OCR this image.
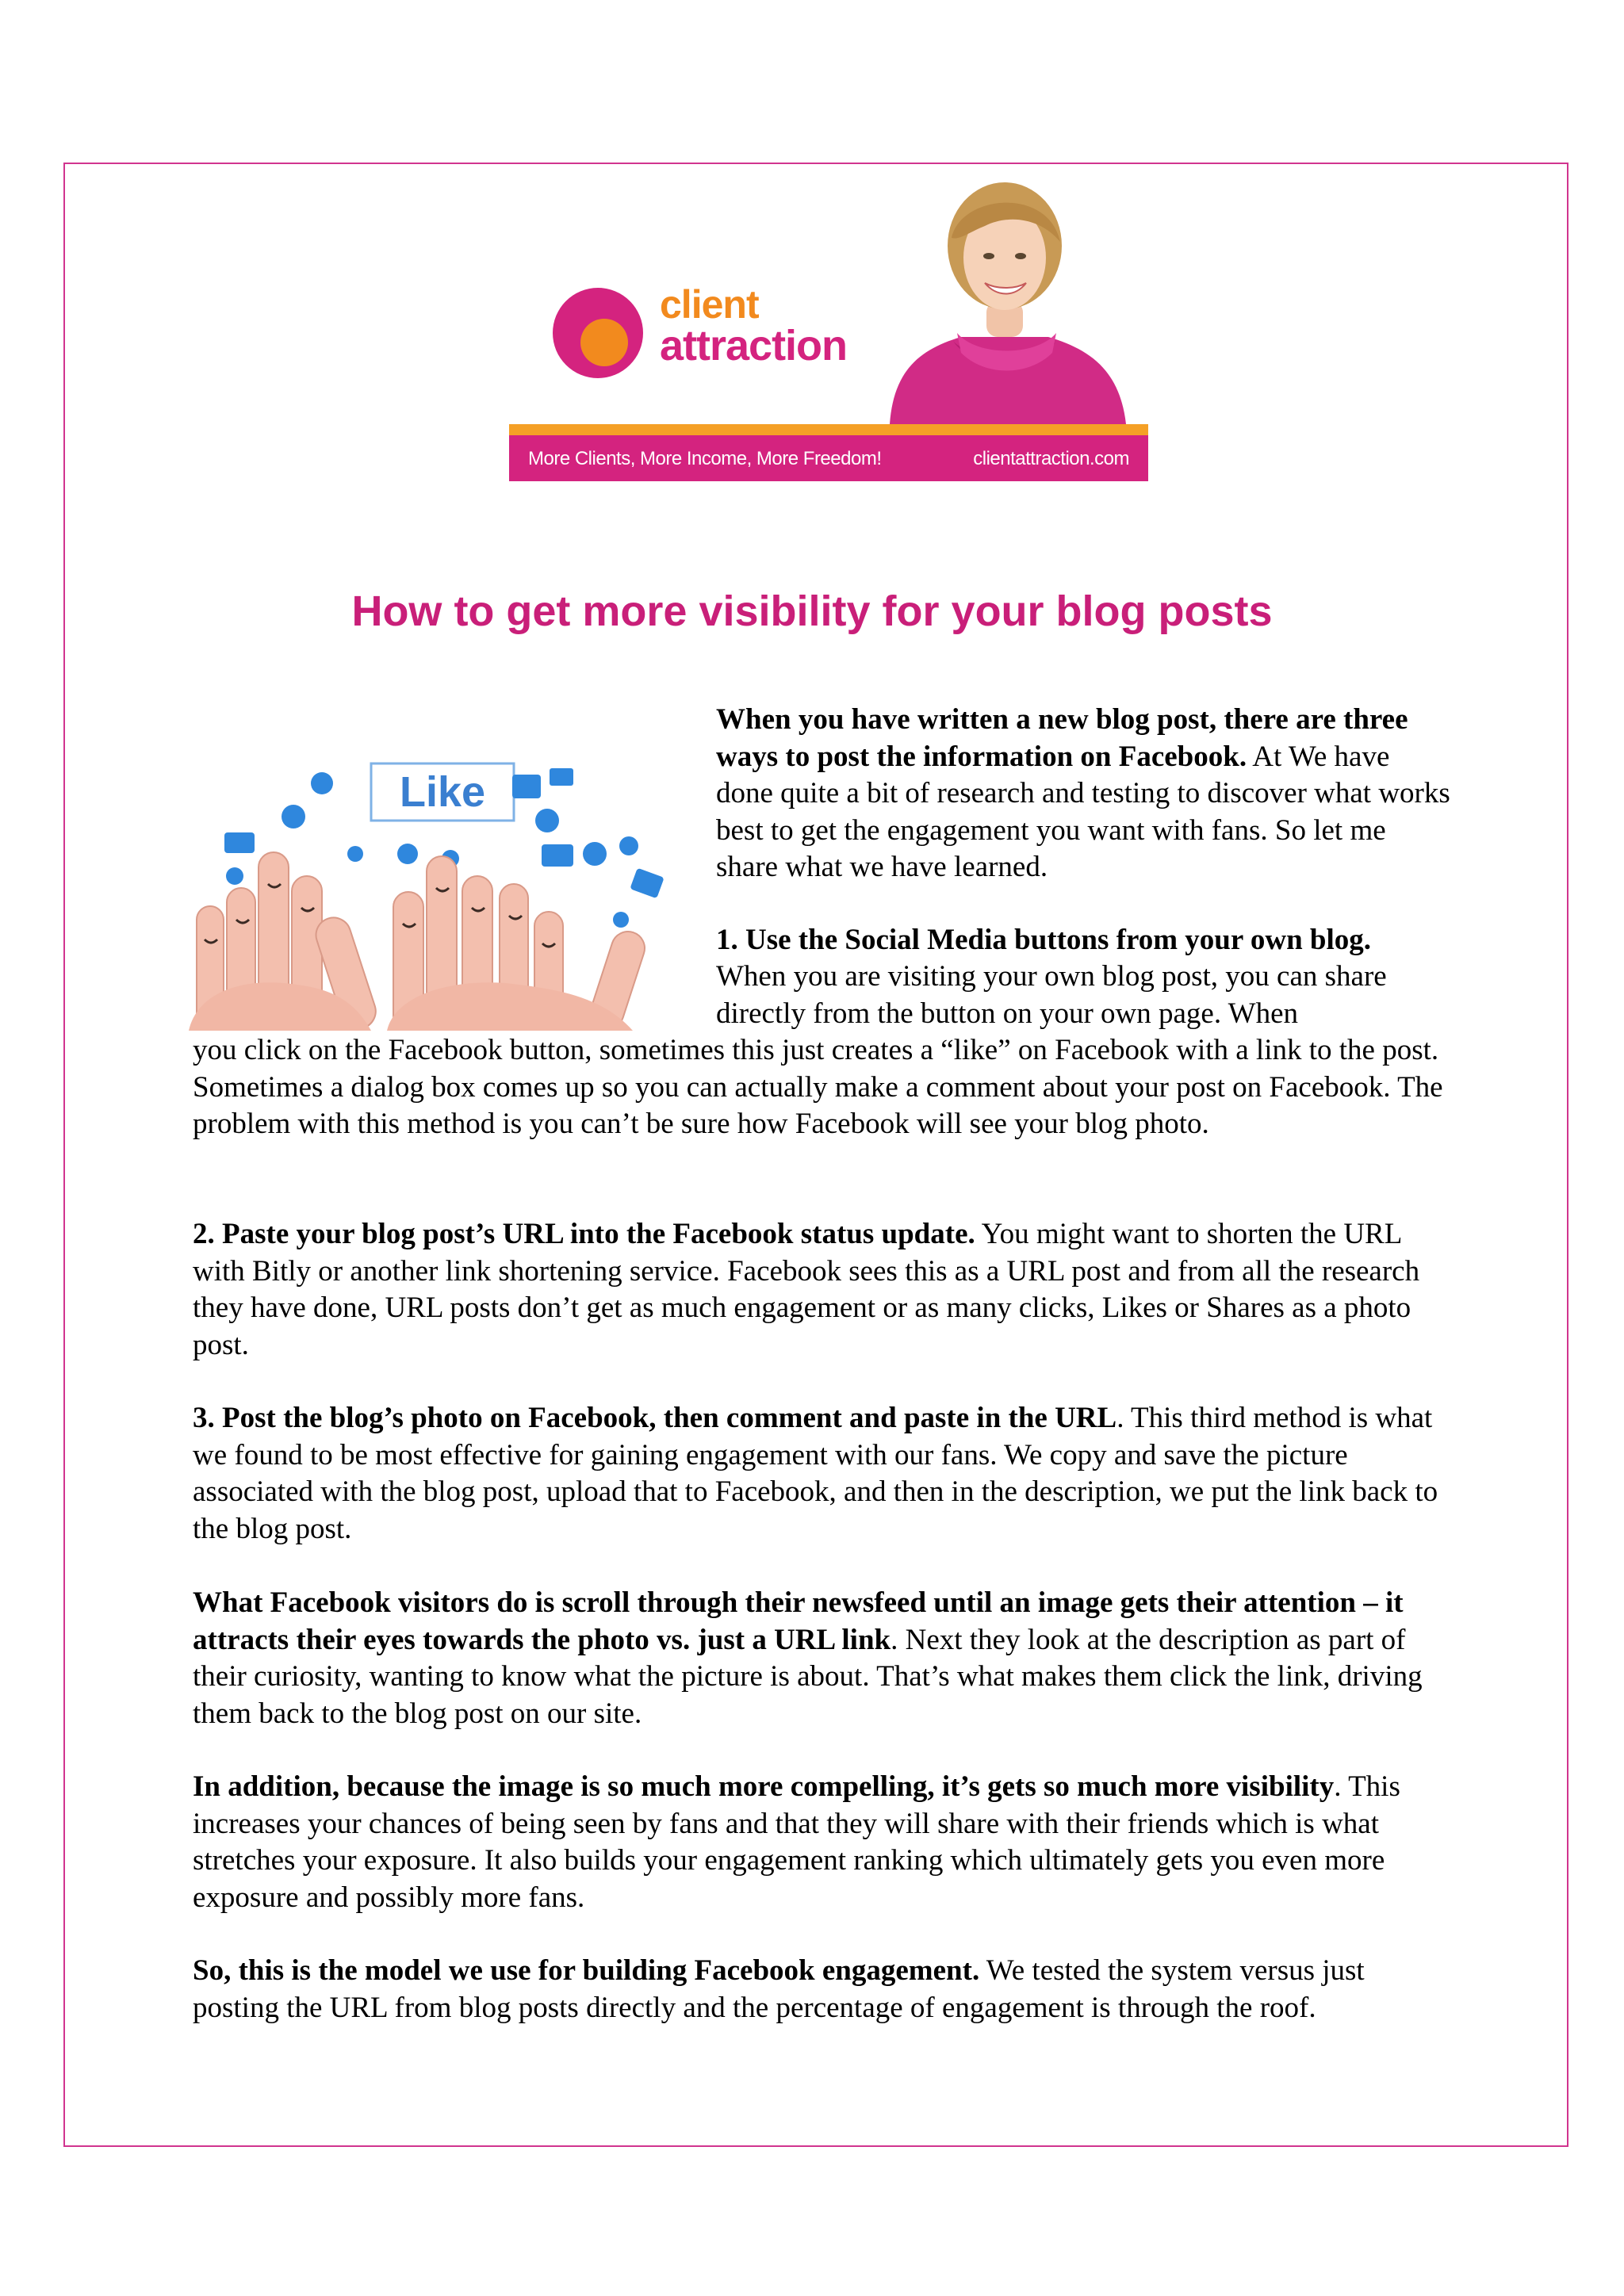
client
attraction
More Clients, More Income, More Freedom!	clientattraction.com
How to get more visibility for your blog posts
Like

When you have written a new blog post, there are three ways to post the information on Facebook. At We have done quite a bit of research and testing to discover what works best to get the engagement you want with fans. So let me share what we have learned.

1. Use the Social Media buttons from your own blog.

When you are visiting your own blog post, you can share directly from the button on your own page. When

you click on the Facebook button, sometimes this just creates a “like” on Facebook with a link to the post. Sometimes a dialog box comes up so you can actually make a comment about your post on Facebook. The problem with this method is you can’t be sure how Facebook will see your blog photo.

2. Paste your blog post’s URL into the Facebook status update. You might want to shorten the URL with Bitly or another link shortening service. Facebook sees this as a URL post and from all the research they have done, URL posts don’t get as much engagement or as many clicks, Likes or Shares as a photo post.

3. Post the blog’s photo on Facebook, then comment and paste in the URL. This third method is what we found to be most effective for gaining engagement with our fans. We copy and save the picture associated with the blog post, upload that to Facebook, and then in the description, we put the link back to the blog post.

What Facebook visitors do is scroll through their newsfeed until an image gets their attention – it attracts their eyes towards the photo vs. just a URL link. Next they look at the description as part of their curiosity, wanting to know what the picture is about. That’s what makes them click the link, driving them back to the blog post on our site.

In addition, because the image is so much more compelling, it’s gets so much more visibility. This increases your chances of being seen by fans and that they will share with their friends which is what stretches your exposure. It also builds your engagement ranking which ultimately gets you even more exposure and possibly more fans.

So, this is the model we use for building Facebook engagement. We tested the system versus just posting the URL from blog posts directly and the percentage of engagement is through the roof.
